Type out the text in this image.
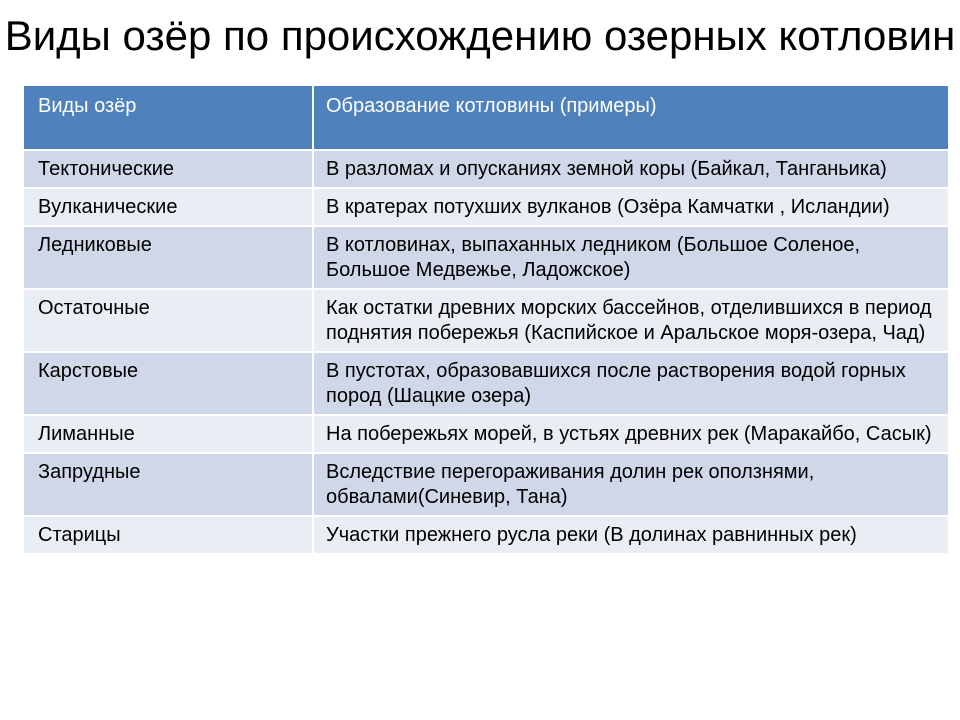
Виды озёр по происхождению озерных котловин
Виды озёр	Образование котловины (примеры)
Тектонические	В разломах и опусканиях земной коры (Байкал, Танганьика)
Вулканические	В кратерах потухших вулканов (Озёра Камчатки , Исландии)
Ледниковые	В котловинах, выпаханных ледником (Большое Соленое, Большое Медвежье, Ладожское)
Остаточные	Как остатки древних морских бассейнов, отделившихся в период поднятия побережья (Каспийское и Аральское моря-озера, Чад)
Карстовые	В пустотах, образовавшихся после растворения водой горных пород (Шацкие озера)
Лиманные	На побережьях морей, в устьях древних рек (Маракайбо, Сасык)
Запрудные	Вследствие перегораживания долин рек оползнями, обвалами(Синевир, Тана)
Старицы	Участки прежнего русла реки (В долинах равнинных рек)
